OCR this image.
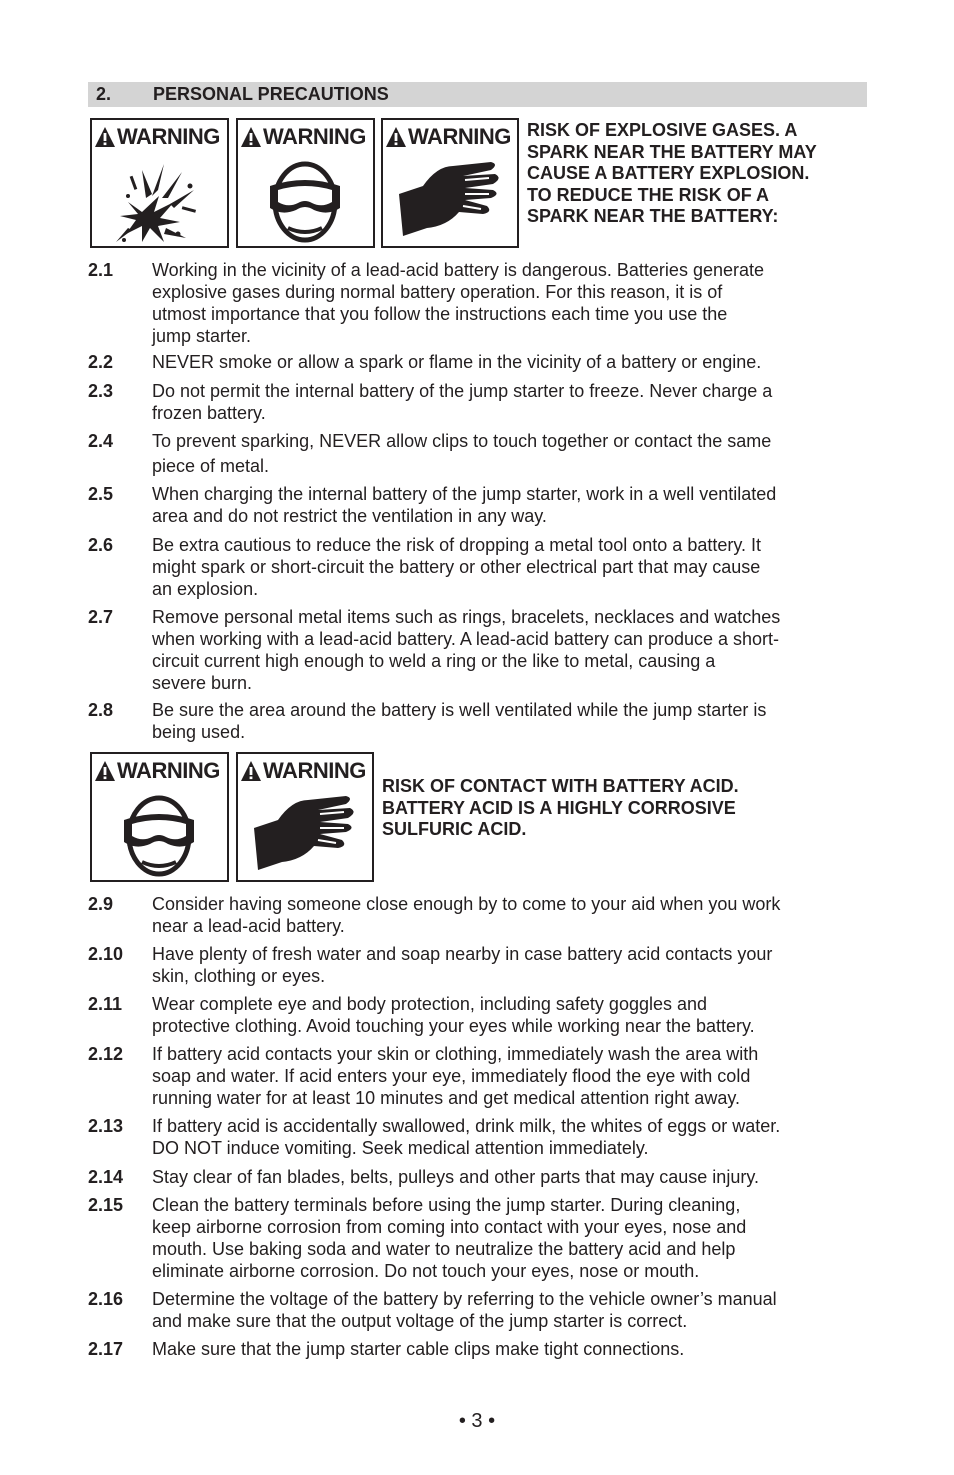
2. PERSONAL PRECAUTIONS
WARNING WARNING WARNING RISK OF EXPLOSIVE GASES. A
SPARK NEAR THE BATTERY MAY
CAUSE A BATTERY EXPLOSION.
TO REDUCE THE RISK OF A
SPARK NEAR THE BATTERY:
2.1 Working in the vicinity of a lead-acid battery is dangerous. Batteries generate
explosive gases during normal battery operation. For this reason, it is of
utmost importance that you follow the instructions each time you use the
jump starter.
2.2 NEVER smoke or allow a spark or flame in the vicinity of a battery or engine.
2.3 Do not permit the internal battery of the jump starter to freeze. Never charge a
frozen battery.
2.4 To prevent sparking, NEVER allow clips to touch together or contact the same
piece of metal.
2.5 When charging the internal battery of the jump starter, work in a well ventilated
area and do not restrict the ventilation in any way.
2.6 Be extra cautious to reduce the risk of dropping a metal tool onto a battery. It
might spark or short-circuit the battery or other electrical part that may cause
an explosion.
2.7 Remove personal metal items such as rings, bracelets, necklaces and watches
when working with a lead-acid battery. A lead-acid battery can produce a short-
circuit current high enough to weld a ring or the like to metal, causing a
severe burn.
2.8 Be sure the area around the battery is well ventilated while the jump starter is
being used.
WARNING WARNING
RISK OF CONTACT WITH BATTERY ACID.
BATTERY ACID IS A HIGHLY CORROSIVE
SULFURIC ACID.
2.9 Consider having someone close enough by to come to your aid when you work
near a lead-acid battery.
2.10 Have plenty of fresh water and soap nearby in case battery acid contacts your
skin, clothing or eyes.
2.11 Wear complete eye and body protection, including safety goggles and
protective clothing. Avoid touching your eyes while working near the battery.
2.12 If battery acid contacts your skin or clothing, immediately wash the area with
soap and water. If acid enters your eye, immediately flood the eye with cold
running water for at least 10 minutes and get medical attention right away.
2.13 If battery acid is accidentally swallowed, drink milk, the whites of eggs or water.
DO NOT induce vomiting. Seek medical attention immediately.
2.14 Stay clear of fan blades, belts, pulleys and other parts that may cause injury.
2.15 Clean the battery terminals before using the jump starter. During cleaning,
keep airborne corrosion from coming into contact with your eyes, nose and
mouth. Use baking soda and water to neutralize the battery acid and help
eliminate airborne corrosion. Do not touch your eyes, nose or mouth.
2.16 Determine the voltage of the battery by referring to the vehicle owner’s manual
and make sure that the output voltage of the jump starter is correct.
2.17 Make sure that the jump starter cable clips make tight connections.
• 3 •
